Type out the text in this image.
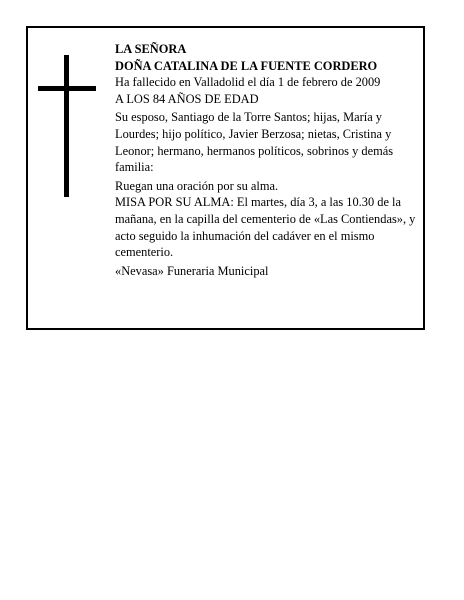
LA SEÑORA

DOÑA CATALINA DE LA FUENTE CORDERO

Ha fallecido en Valladolid el día 1 de febrero de 2009

A LOS 84 AÑOS DE EDAD

Su esposo, Santiago de la Torre Santos; hijas, María y Lourdes; hijo político, Javier Berzosa; nietas, Cristina y Leonor; hermano, hermanos políticos, sobrinos y demás familia:

Ruegan una oración por su alma.

MISA POR SU ALMA: El martes, día 3, a las 10.30 de la mañana, en la capilla del cementerio de «Las Contiendas», y acto seguido la inhumación del cadáver en el mismo cementerio.

«Nevasa» Funeraria Municipal
